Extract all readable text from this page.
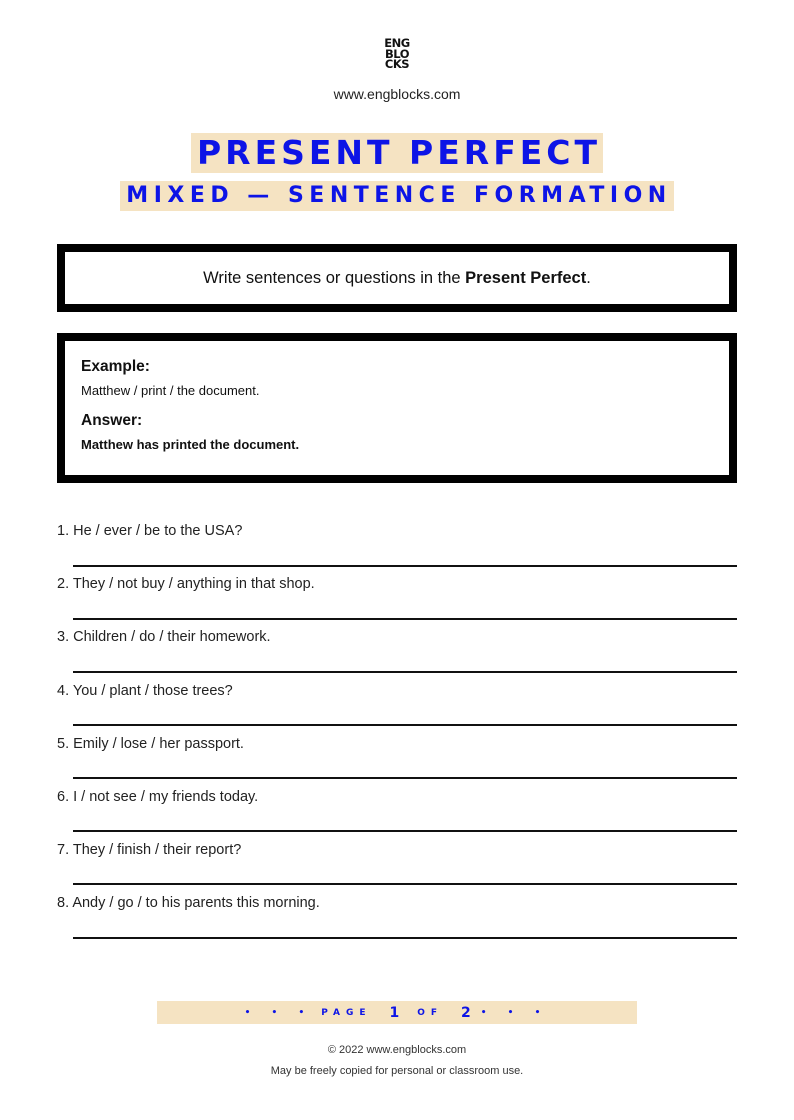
ENG
BLO
CKS
www.engblocks.com
PRESENT PERFECT
MIXED — SENTENCE FORMATION
Write sentences or questions in the Present Perfect.

Example:

Matthew / print / the document.

Answer:

Matthew has printed the document.

1. He / ever / be to the USA?
2. They / not buy / anything in that shop.
3. Children / do / their homework.
4. You / plant / those trees?
5. Emily / lose / her passport.
6. I / not see / my friends today.
7. They / finish / their report?
8. Andy / go / to his parents this morning.
• • • PAGE 1 OF 2 • • •
© 2022 www.engblocks.com
May be freely copied for personal or classroom use.
